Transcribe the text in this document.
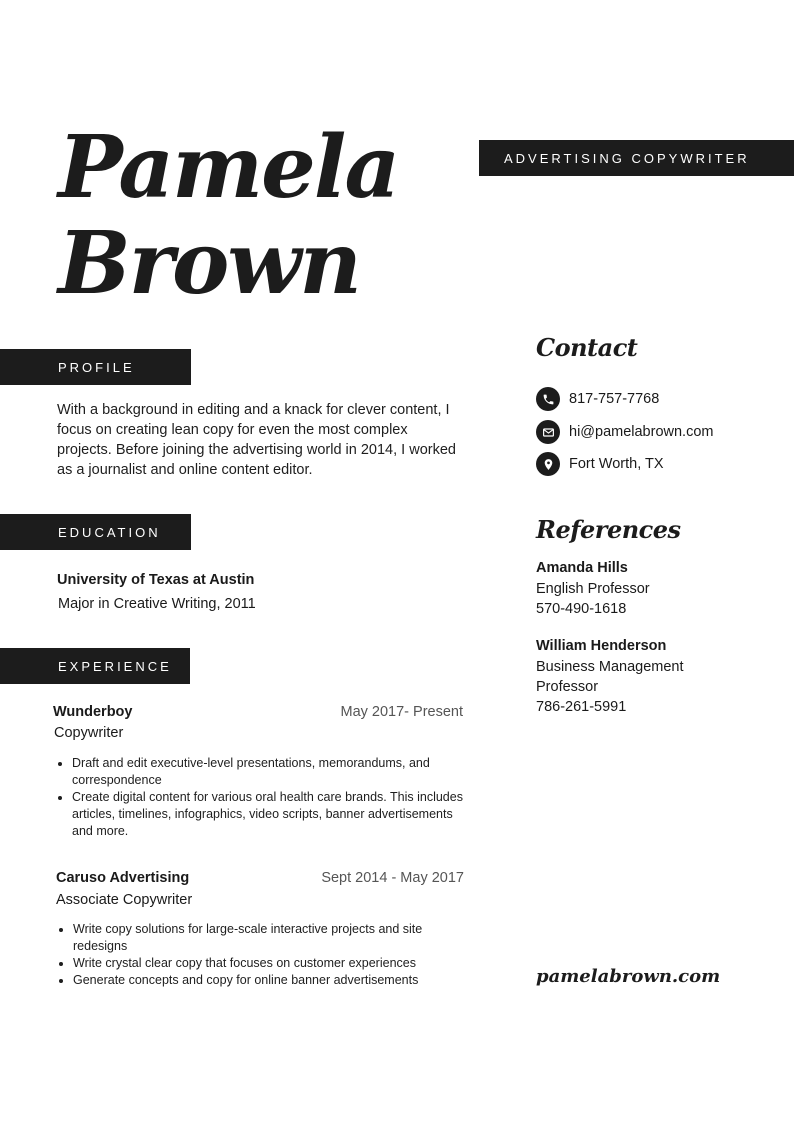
Pamela
Brown
ADVERTISING COPYWRITER
PROFILE

With a background in editing and a knack for clever content, I focus on creating lean copy for even the most complex projects. Before joining the advertising world in 2014, I worked as a journalist and online content editor.

EDUCATION
University of Texas at Austin
Major in Creative Writing, 2011
EXPERIENCE
Wunderboy	May 2017- Present
Copywriter
Draft and edit executive-level presentations, memorandums, and correspondence
Create digital content for various oral health care brands. This includes articles, timelines, infographics, video scripts, banner advertisements and more.
Caruso Advertising	Sept 2014 - May 2017
Associate Copywriter
Write copy solutions for large-scale interactive projects and site redesigns
Write crystal clear copy that focuses on customer experiences
Generate concepts and copy for online banner advertisements
Contact
817-757-7768
hi@pamelabrown.com
Fort Worth, TX
References
Amanda Hills
English Professor
570-490-1618
William Henderson
Business Management Professor
786-261-5991
pamelabrown.com
